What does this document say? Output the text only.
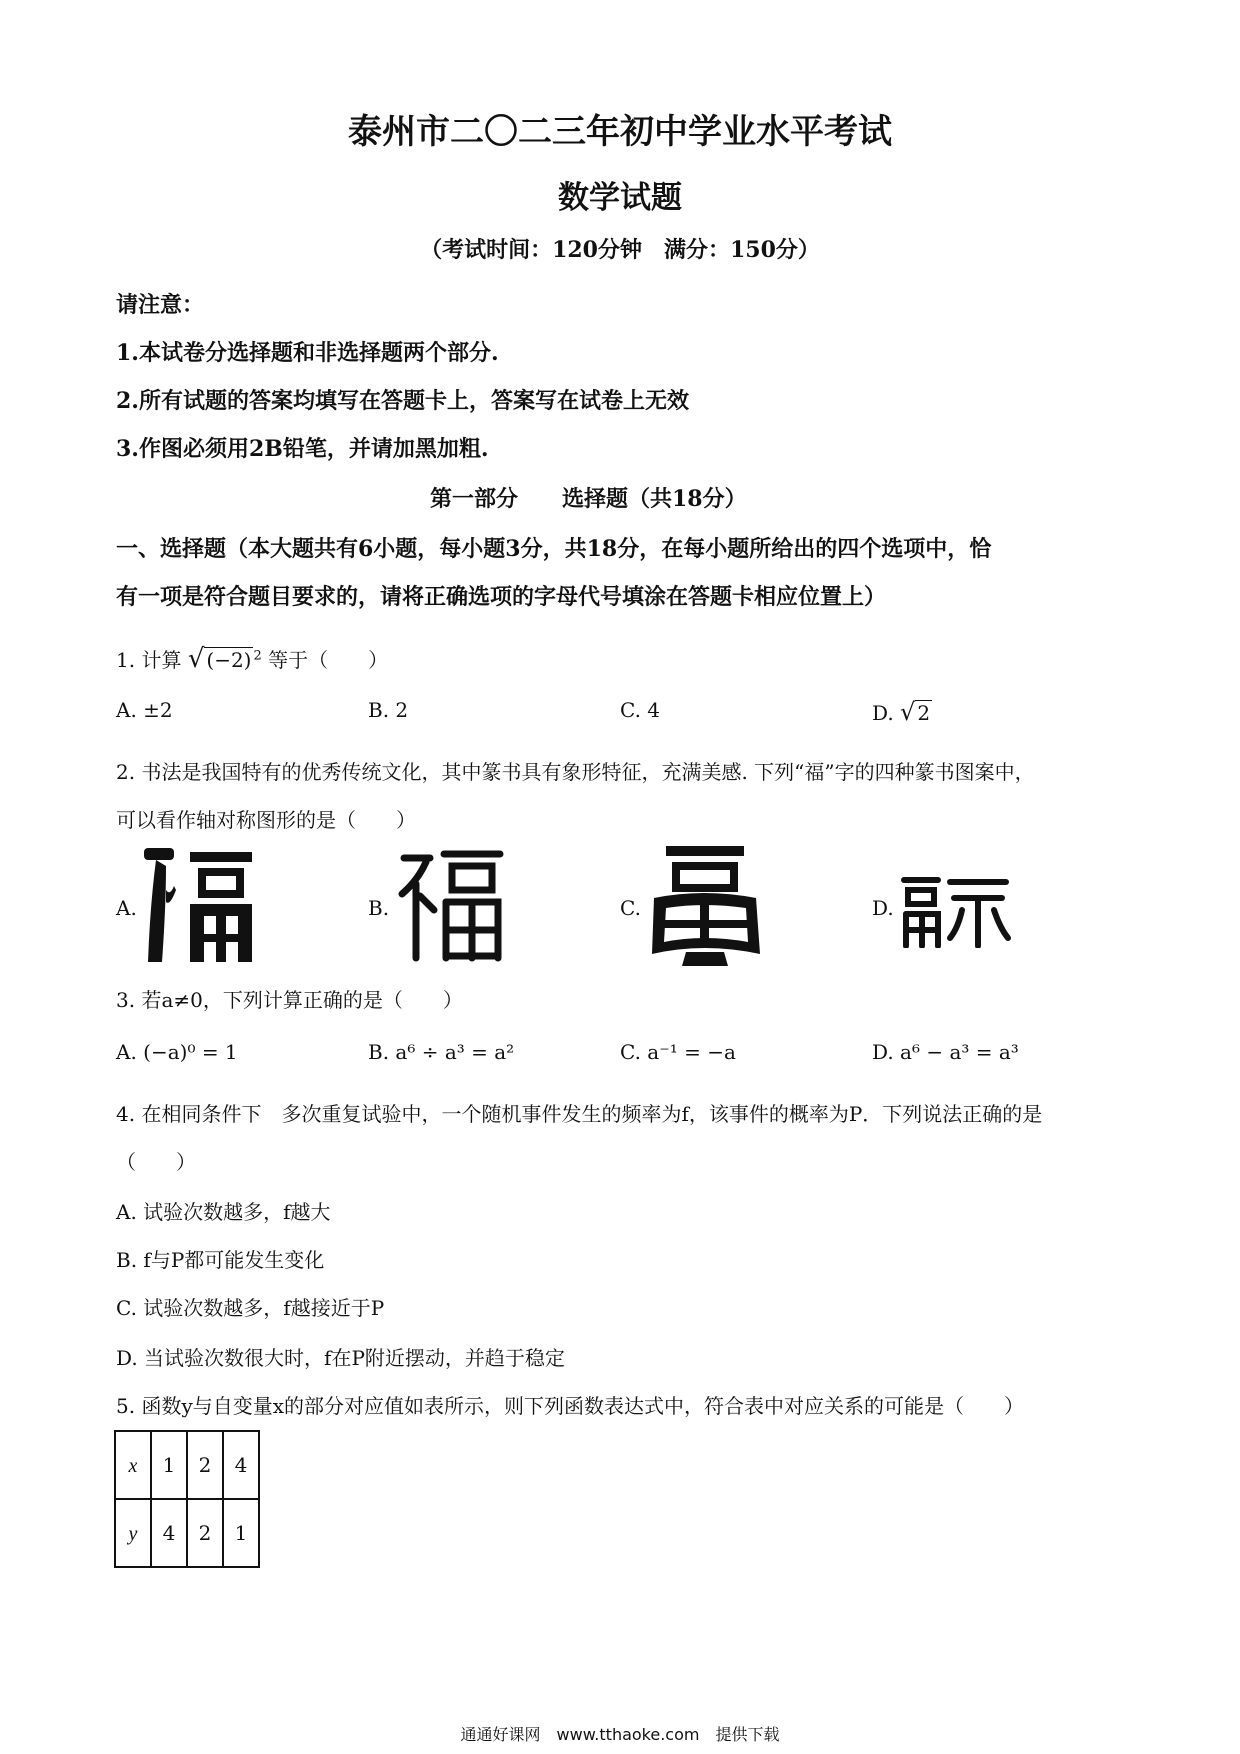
泰州市二〇二三年初中学业水平考试
数学试题
（考试时间：120分钟　满分：150分）
请注意：
1.本试卷分选择题和非选择题两个部分.
2.所有试题的答案均填写在答题卡上，答案写在试卷上无效
3.作图必须用2B铅笔，并请加黑加粗.
第一部分　　选择题（共18分）
一、选择题（本大题共有6小题，每小题3分，共18分，在每小题所给出的四个选项中，恰
有一项是符合题目要求的，请将正确选项的字母代号填涂在答题卡相应位置上）
1. 计算 √ (−2) $^2$ 等于（　　）
A. ±2	B. 2	C. 4	D. √ 2
2. 书法是我国特有的优秀传统文化，其中篆书具有象形特征，充满美感. 下列“福”字的四种篆书图案中，
可以看作轴对称图形的是（　　）
A.	B.	C.	D.
3. 若a≠0，下列计算正确的是（　　）
A. (−a)⁰ = 1	B. a⁶ ÷ a³ = a²	C. a⁻¹ = −a	D. a⁶ − a³ = a³
4. 在相同条件下　多次重复试验中，一个随机事件发生的频率为f，该事件的概率为P．下列说法正确的是
（　　）
A. 试验次数越多，f越大
B. f与P都可能发生变化
C. 试验次数越多，f越接近于P
D. 当试验次数很大时，f在P附近摆动，并趋于稳定
5. 函数y与自变量x的部分对应值如表所示，则下列函数表达式中，符合表中对应关系的可能是（　　）
x	1	2	4
y	4	2	1
通通好课网　www.tthaoke.com　提供下载
